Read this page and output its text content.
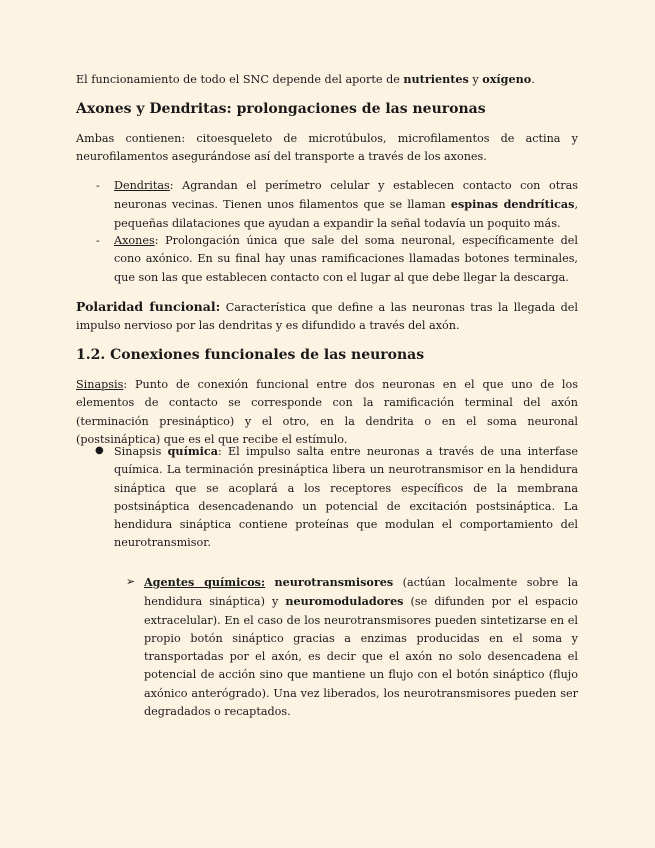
El funcionamiento de todo el SNC depende del aporte de nutrientes y oxígeno.

Axones y Dendritas: prolongaciones de las neuronas

Ambas contienen: citoesqueleto de microtúbulos, microfilamentos de actina y neurofilamentos asegurándose así del transporte a través de los axones.

- Dendritas: Agrandan el perímetro celular y establecen contacto con otras neuronas vecinas. Tienen unos filamentos que se llaman espinas dendríticas, pequeñas dilataciones que ayudan a expandir la señal todavía un poquito más.
- Axones: Prolongación única que sale del soma neuronal, específicamente del cono axónico. En su final hay unas ramificaciones llamadas botones terminales, que son las que establecen contacto con el lugar al que debe llegar la descarga.

Polaridad funcional: Característica que define a las neuronas tras la llegada del impulso nervioso por las dendritas y es difundido a través del axón.

1.2. Conexiones funcionales de las neuronas

Sinapsis: Punto de conexión funcional entre dos neuronas en el que uno de los elementos de contacto se corresponde con la ramificación terminal del axón (terminación presináptico) y el otro, en la dendrita o en el soma neuronal (postsináptica) que es el que recibe el estímulo.

● Sinapsis química: El impulso salta entre neuronas a través de una interfase química. La terminación presináptica libera un neurotransmisor en la hendidura sináptica que se acoplará a los receptores específicos de la membrana postsináptica desencadenando un potencial de excitación postsináptica. La hendidura sináptica contiene proteínas que modulan el comportamiento del neurotransmisor.
➢ Agentes químicos: neurotransmisores (actúan localmente sobre la hendidura sináptica) y neuromoduladores (se difunden por el espacio extracelular). En el caso de los neurotransmisores pueden sintetizarse en el propio botón sináptico gracias a enzimas producidas en el soma y transportadas por el axón, es decir que el axón no solo desencadena el potencial de acción sino que mantiene un flujo con el botón sináptico (flujo axónico anterógrado). Una vez liberados, los neurotransmisores pueden ser degradados o recaptados.
